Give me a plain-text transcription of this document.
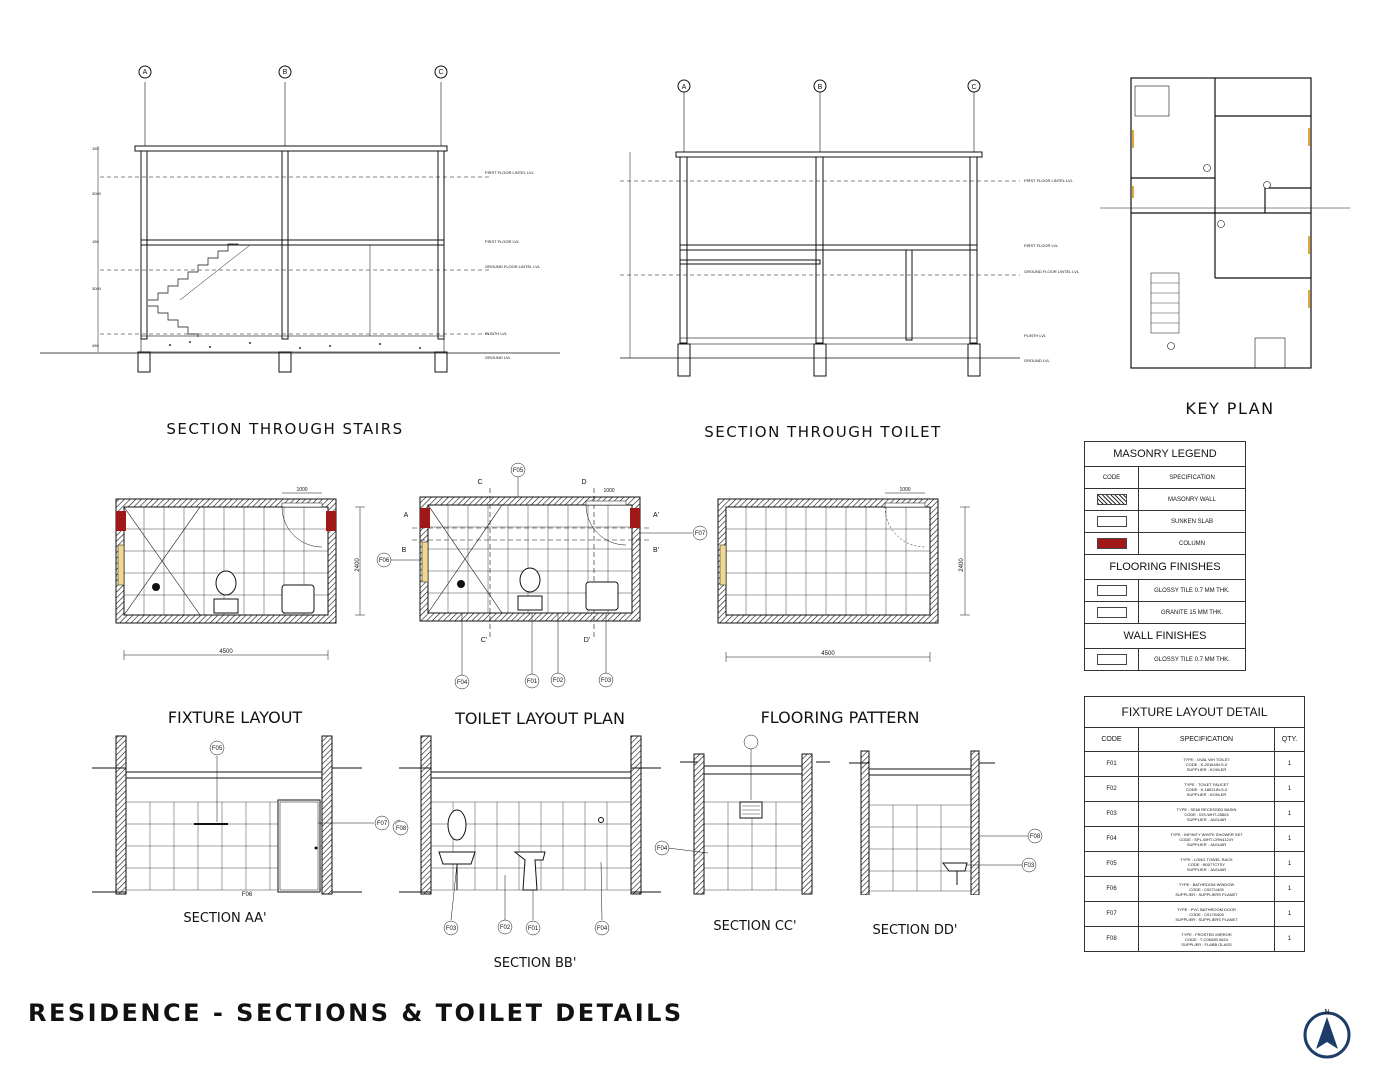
A	B	C
FIRST FLOOR LINTEL LVL
FIRST FLOOR LVL
GROUND FLOOR LINTEL LVL
PLINTH LVL
GROUND LVL
150
3000
150
3000
450
SECTION THROUGH STAIRS
A	B	C
FIRST FLOOR LINTEL LVL
FIRST FLOOR LVL
GROUND FLOOR LINTEL LVL
PLINTH LVL
GROUND LVL
SECTION THROUGH TOILET
KEY PLAN
MASONRY LEGEND	
CODE	SPECIFICATION
	MASONRY WALL
	SUNKEN SLAB
	COLUMN
FLOORING FINISHES	
	GLOSSY TILE 0.7 MM THK.
	GRANITE 15 MM THK.
WALL FINISHES	
	GLOSSY TILE 0.7 MM THK.
FIXTURE LAYOUT DETAIL		
CODE	SPECIFICATION	QTY.
F01	TYPE : OVAL WH TOILET
CODE : K-20164IN-S-0
SUPPLIER : KOHLER	1
F02	TYPE : TOILET FAUCET
CODE : K-18021IN-S-0
SUPPLIER : KOHLER	1
F03	TYPE : SEMI RECESSED BASIN
CODE : IDS-WHT-25803
SUPPLIER : JAGUAR	1
F04	TYPE : INFINITY WHITE SHOWER SET
CODE : SPL-WHT-CRN4124Y
SUPPLIER : JAGUAR	1
F05	TYPE : LONG TOWEL RACK
CODE : B0077CTSY
SUPPLIER : JAGUAR	1
F06	TYPE : BATHROOM WINDOW
CODE : C0271/405
SUPPLIER : SUPPLIERS PLANET	1
F07	TYPE : PVC BATHROOM DOOR
CODE : C0170/405
SUPPLIER : SUPPLIERS PLANET	1
F08	TYPE : FROSTED MIRROR
CODE : T-C0602B 0624
SUPPLIER : FLABB GLASS	1
4500
2400
1000
FIXTURE LAYOUT
F05
F06
F07
F04	F01	F02	F03
A	A'
B	B'
C
C'
D
D'
1000
TOILET LAYOUT PLAN
4500
2400
1000
FLOORING PATTERN
F05
F07
F06
SECTION AA'
F08
F03	F02	F01	F04
SECTION BB'
F04
SECTION CC'
F08
F03
SECTION DD'
RESIDENCE - SECTIONS & TOILET DETAILS	N
